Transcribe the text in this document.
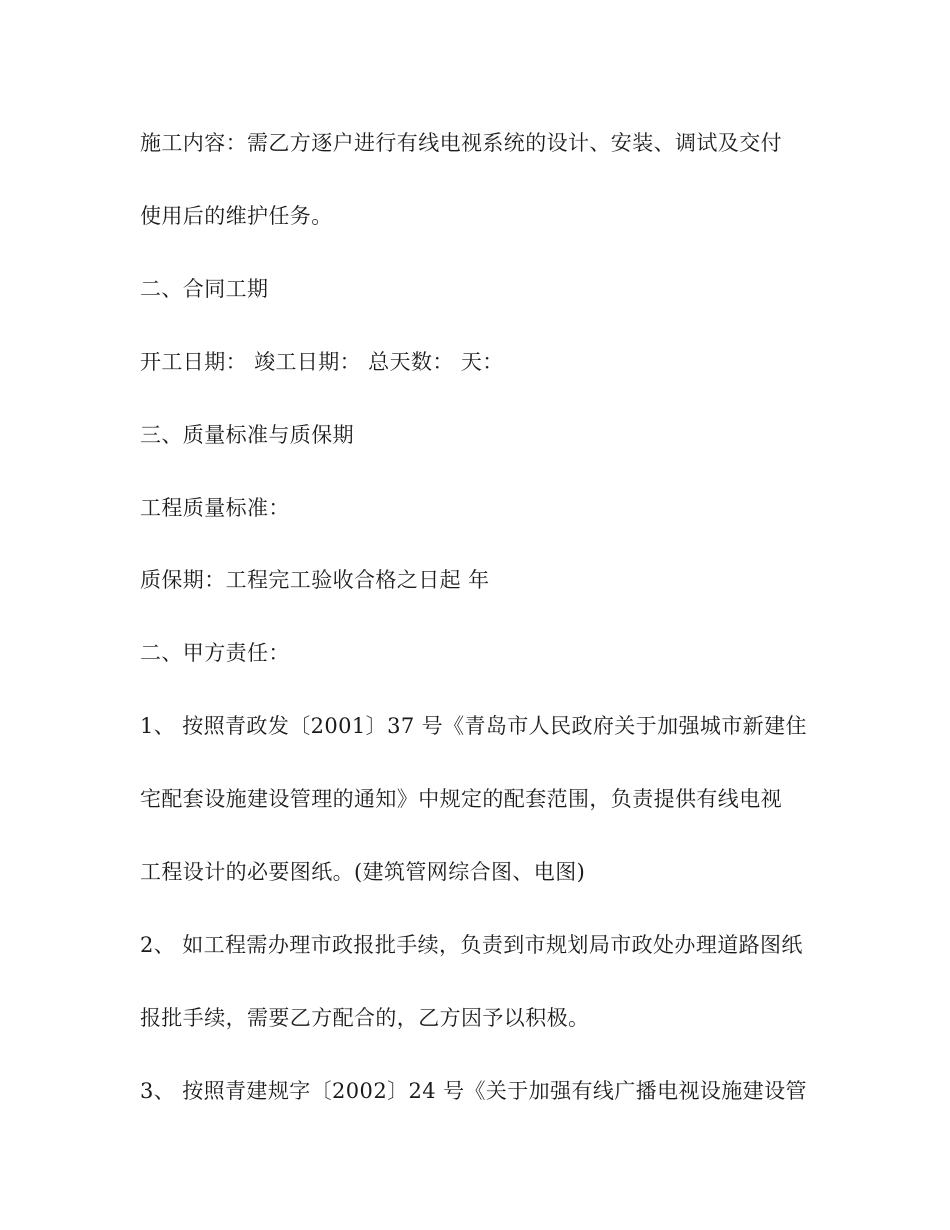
施工内容：需乙方逐户进行有线电视系统的设计、安装、调试及交付
使用后的维护任务。
二、合同工期
开工日期： 竣工日期： 总天数： 天：
三、质量标准与质保期
工程质量标准：
质保期：工程完工验收合格之日起 年
二、甲方责任：
1、 按照青政发〔2001〕37 号《青岛市人民政府关于加强城市新建住
宅配套设施建设管理的通知》中规定的配套范围，负责提供有线电视
工程设计的必要图纸。(建筑管网综合图、电图)
2、 如工程需办理市政报批手续，负责到市规划局市政处办理道路图纸
报批手续，需要乙方配合的，乙方因予以积极。
3、 按照青建规字〔2002〕24 号《关于加强有线广播电视设施建设管
